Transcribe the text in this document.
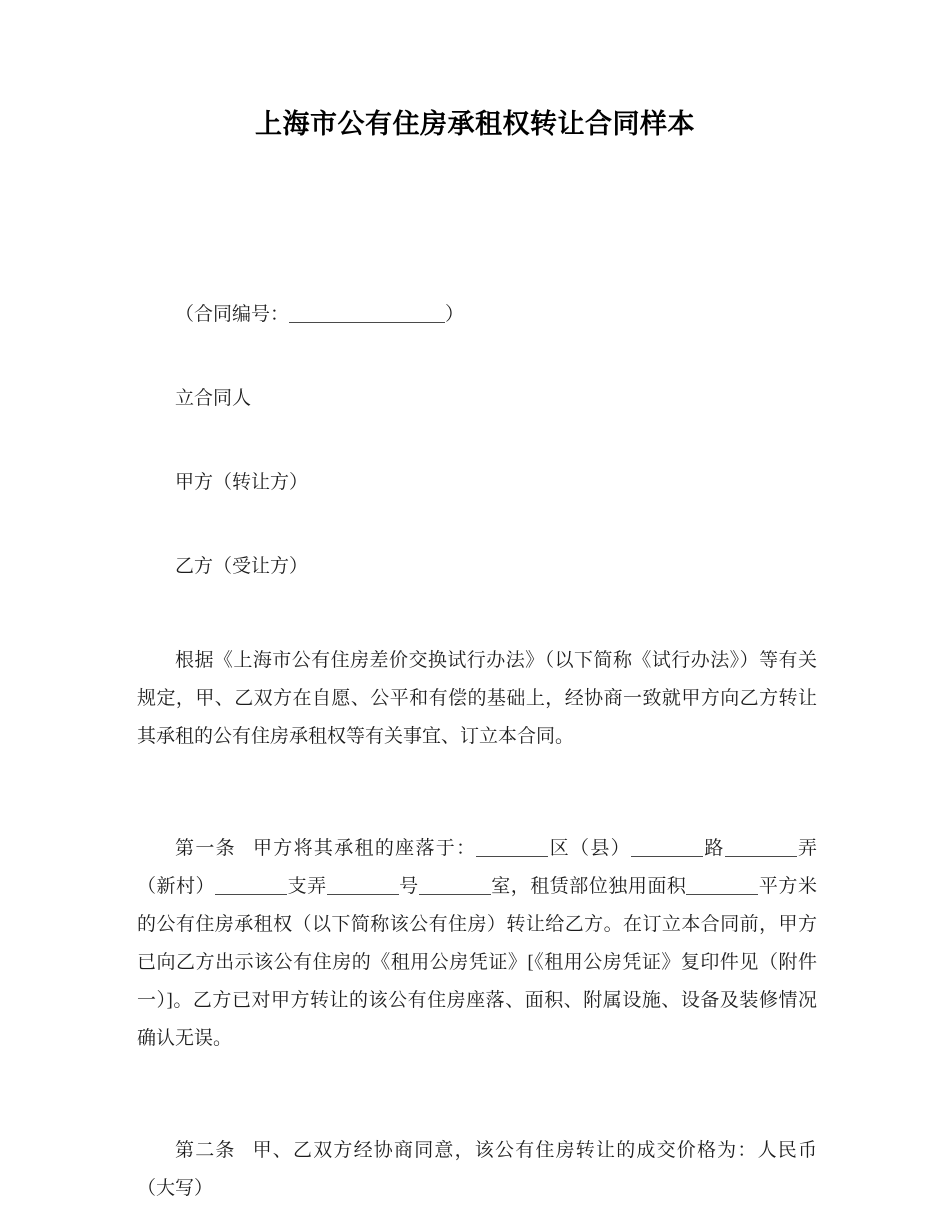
上海市公有住房承租权转让合同样本
（合同编号：	）
立合同人
甲方（转让方）
乙方（受让方）
根据《上海市公有住房差价交换试行办法》（以下简称《试行办法》）等有关规定，甲、乙双方在自愿、公平和有偿的基础上，经协商一致就甲方向乙方转让其承租的公有住房承租权等有关事宜、订立本合同。
第一条 甲方将其承租的座落于：	区（县）	路	弄（新村）	支弄	号	室，租赁部位独用面积	平方米的公有住房承租权（以下简称该公有住房）转让给乙方。在订立本合同前，甲方已向乙方出示该公有住房的《租用公房凭证》[《租用公房凭证》复印件见（附件一）]。乙方已对甲方转让的该公有住房座落、面积、附属设施、设备及装修情况确认无误。
第二条 甲、乙双方经协商同意，该公有住房转让的成交价格为：人民币（大写）
